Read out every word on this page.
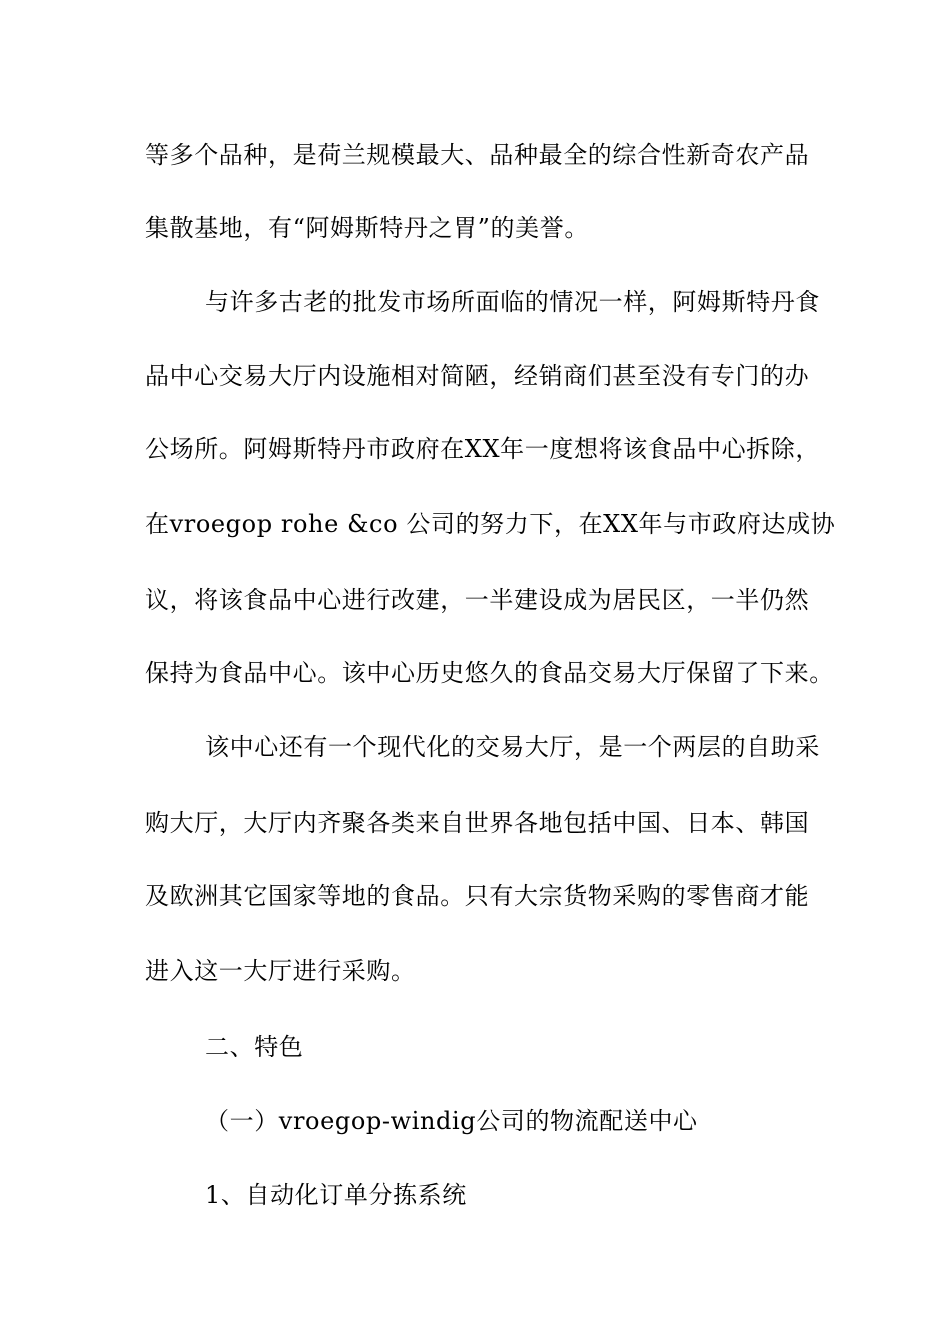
等多个品种，是荷兰规模最大、品种最全的综合性新奇农产品
集散基地，有“阿姆斯特丹之胃”的美誉。
与许多古老的批发市场所面临的情况一样，阿姆斯特丹食
品中心交易大厅内设施相对简陋，经销商们甚至没有专门的办
公场所。阿姆斯特丹市政府在XX年一度想将该食品中心拆除，
在vroegop rohe &co 公司的努力下，在XX年与市政府达成协
议，将该食品中心进行改建，一半建设成为居民区，一半仍然
保持为食品中心。该中心历史悠久的食品交易大厅保留了下来。
该中心还有一个现代化的交易大厅，是一个两层的自助采
购大厅，大厅内齐聚各类来自世界各地包括中国、日本、韩国
及欧洲其它国家等地的食品。只有大宗货物采购的零售商才能
进入这一大厅进行采购。
二、特色
（一）vroegop-windig公司的物流配送中心
1、自动化订单分拣系统
